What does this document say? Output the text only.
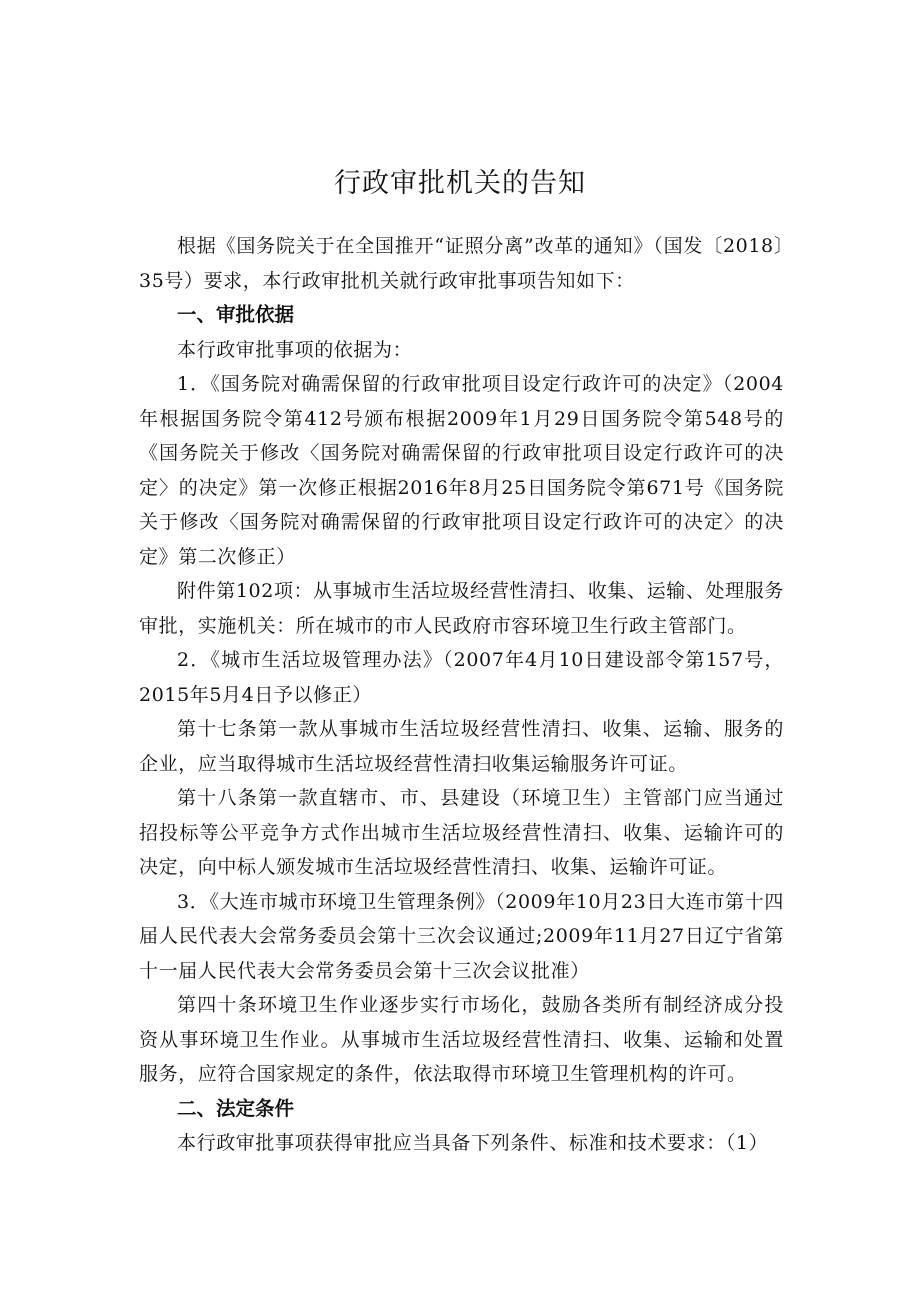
行政审批机关的告知

根据《国务院关于在全国推开“证照分离”改革的通知》（国发〔2018〕35号）要求，本行政审批机关就行政审批事项告知如下：

一、审批依据

本行政审批事项的依据为：

1．《国务院对确需保留的行政审批项目设定行政许可的决定》（2004年根据国务院令第412号颁布根据2009年1月29日国务院令第548号的《国务院关于修改〈国务院对确需保留的行政审批项目设定行政许可的决定〉的决定》第一次修正根据2016年8月25日国务院令第671号《国务院关于修改〈国务院对确需保留的行政审批项目设定行政许可的决定〉的决定》第二次修正）

附件第102项：从事城市生活垃圾经营性清扫、收集、运输、处理服务审批，实施机关：所在城市的市人民政府市容环境卫生行政主管部门。

2．《城市生活垃圾管理办法》（2007年4月10日建设部令第157号，2015年5月4日予以修正）

第十七条第一款从事城市生活垃圾经营性清扫、收集、运输、服务的企业，应当取得城市生活垃圾经营性清扫收集运输服务许可证。

第十八条第一款直辖市、市、县建设（环境卫生）主管部门应当通过招投标等公平竞争方式作出城市生活垃圾经营性清扫、收集、运输许可的决定，向中标人颁发城市生活垃圾经营性清扫、收集、运输许可证。

3．《大连市城市环境卫生管理条例》（2009年10月23日大连市第十四届人民代表大会常务委员会第十三次会议通过;2009年11月27日辽宁省第十一届人民代表大会常务委员会第十三次会议批准）

第四十条环境卫生作业逐步实行市场化，鼓励各类所有制经济成分投资从事环境卫生作业。从事城市生活垃圾经营性清扫、收集、运输和处置服务，应符合国家规定的条件，依法取得市环境卫生管理机构的许可。

二、法定条件

本行政审批事项获得审批应当具备下列条件、标准和技术要求：（1）
